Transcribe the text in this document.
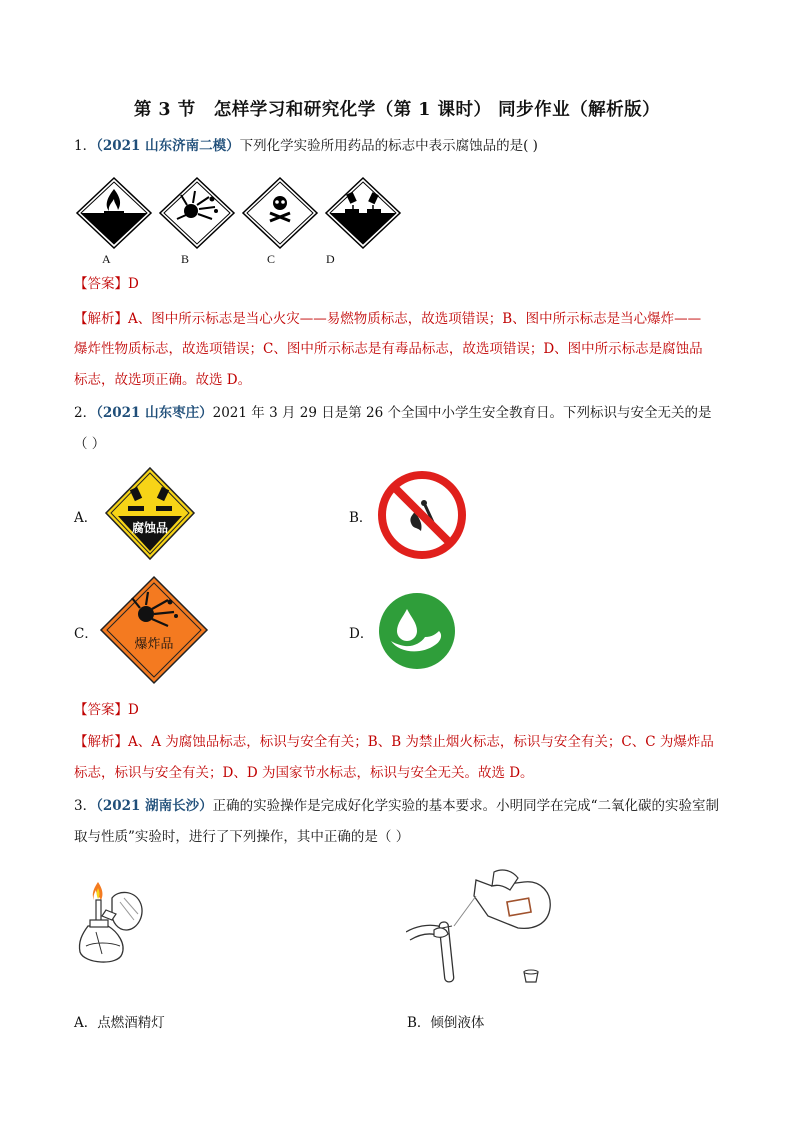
第 3 节　怎样学习和研究化学（第 1 课时） 同步作业（解析版）
1．（2021 山东济南二模）下列化学实验所用药品的标志中表示腐蚀品的是( )
A	B	C	D
【答案】D
【解析】A、图中所示标志是当心火灾——易燃物质标志，故选项错误；B、图中所示标志是当心爆炸——
爆炸性物质标志，故选项错误；C、图中所示标志是有毒品标志，故选项错误；D、图中所示标志是腐蚀品
标志，故选项正确。故选 D。
2．（2021 山东枣庄）2021 年 3 月 29 日是第 26 个全国中小学生安全教育日。下列标识与安全无关的是
（ ）
A．
腐蚀品
B．
C．
爆炸品
D．
【答案】D
【解析】A、A 为腐蚀品标志，标识与安全有关；B、B 为禁止烟火标志，标识与安全有关；C、C 为爆炸品
标志，标识与安全有关；D、D 为国家节水标志，标识与安全无关。故选 D。
3．（2021 湖南长沙）正确的实验操作是完成好化学实验的基本要求。小明同学在完成“二氧化碳的实验室制
取与性质”实验时，进行了下列操作，其中正确的是（ ）
A．点燃酒精灯	B．倾倒液体
